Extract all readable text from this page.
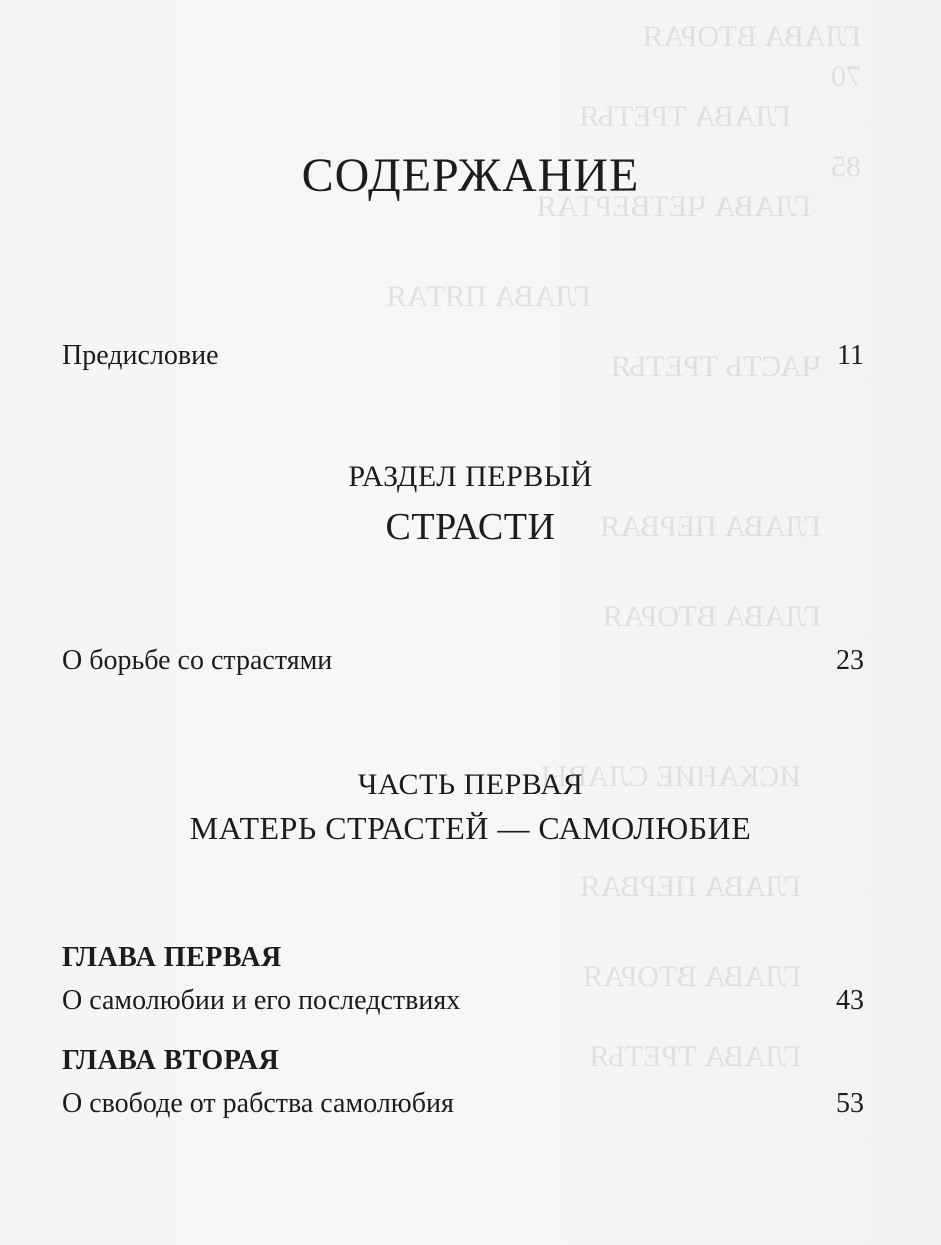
ГЛАВА ВТОРАЯ
70
ГЛАВА ТРЕТЬЯ
85
ГЛАВА ЧЕТВЕРТАЯ
ГЛАВА ПЯТАЯ
ЧАСТЬ ТРЕТЬЯ
ГЛАВА ПЕРВАЯ
ГЛАВА ВТОРАЯ
ИСКАНИЕ СЛАВЫ
ГЛАВА ПЕРВАЯ
ГЛАВА ВТОРАЯ
ГЛАВА ТРЕТЬЯ
СОДЕРЖАНИЕ
Предисловие	11
РАЗДЕЛ ПЕРВЫЙ
СТРАСТИ
О борьбе со страстями	23
ЧАСТЬ ПЕРВАЯ
МАТЕРЬ СТРАСТЕЙ — САМОЛЮБИЕ
ГЛАВА ПЕРВАЯ
О самолюбии и его последствиях	43
ГЛАВА ВТОРАЯ
О свободе от рабства самолюбия	53
